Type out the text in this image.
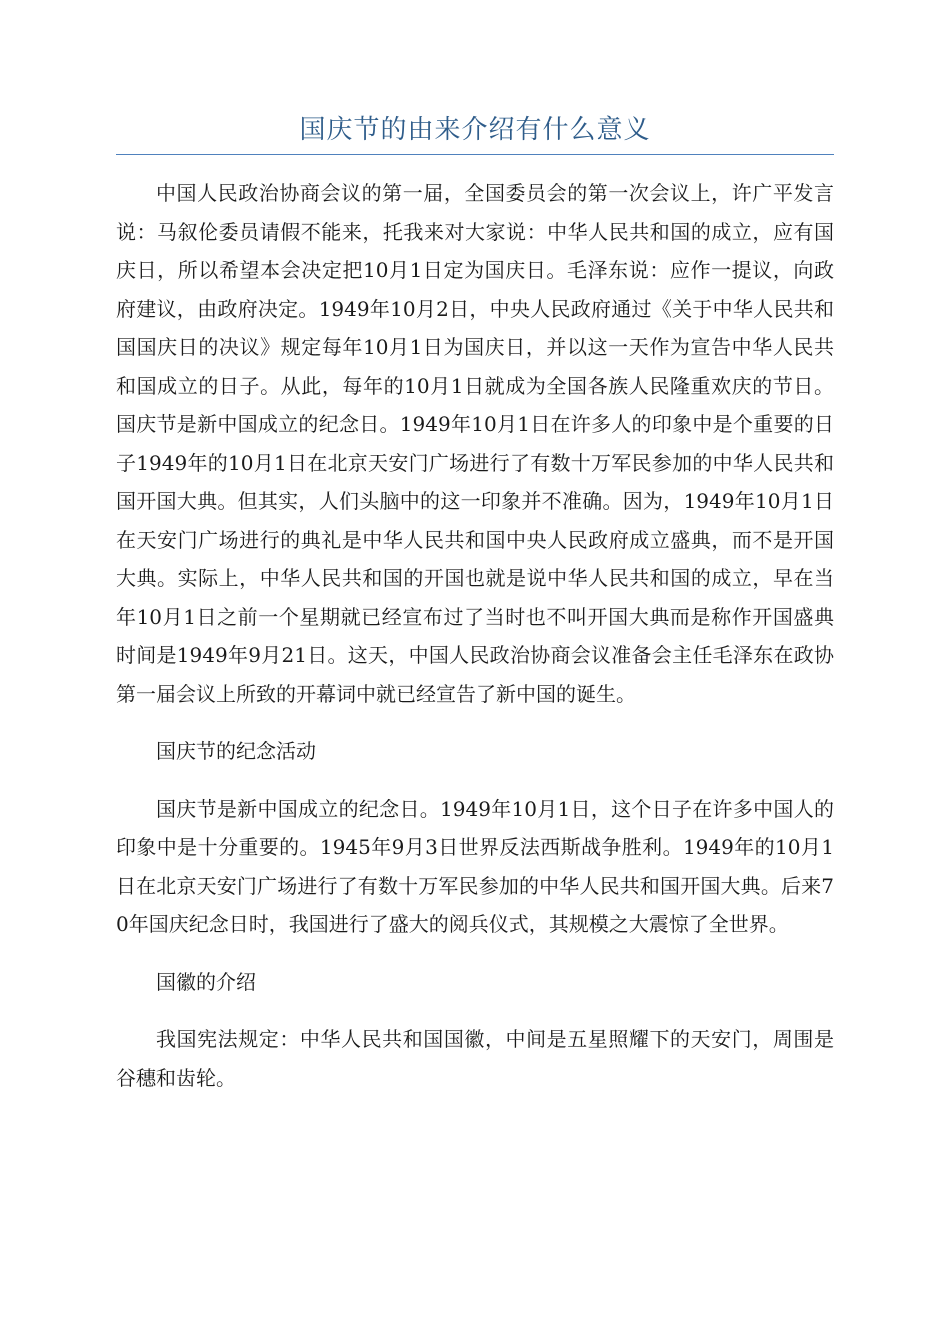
国庆节的由来介绍有什么意义

中国人民政治协商会议的第一届，全国委员会的第一次会议上，许广平发言说：马叙伦委员请假不能来，托我来对大家说：中华人民共和国的成立，应有国庆日，所以希望本会决定把10月1日定为国庆日。毛泽东说：应作一提议，向政府建议，由政府决定。1949年10月2日，中央人民政府通过《关于中华人民共和国国庆日的决议》规定每年10月1日为国庆日，并以这一天作为宣告中华人民共和国成立的日子。从此，每年的10月1日就成为全国各族人民隆重欢庆的节日。国庆节是新中国成立的纪念日。1949年10月1日在许多人的印象中是个重要的日子1949年的10月1日在北京天安门广场进行了有数十万军民参加的中华人民共和国开国大典。但其实，人们头脑中的这一印象并不准确。因为，1949年10月1日在天安门广场进行的典礼是中华人民共和国中央人民政府成立盛典，而不是开国大典。实际上，中华人民共和国的开国也就是说中华人民共和国的成立，早在当年10月1日之前一个星期就已经宣布过了当时也不叫开国大典而是称作开国盛典时间是1949年9月21日。这天，中国人民政治协商会议准备会主任毛泽东在政协第一届会议上所致的开幕词中就已经宣告了新中国的诞生。

国庆节的纪念活动

国庆节是新中国成立的纪念日。1949年10月1日，这个日子在许多中国人的印象中是十分重要的。1945年9月3日世界反法西斯战争胜利。1949年的10月1日在北京天安门广场进行了有数十万军民参加的中华人民共和国开国大典。后来70年国庆纪念日时，我国进行了盛大的阅兵仪式，其规模之大震惊了全世界。

国徽的介绍

我国宪法规定：中华人民共和国国徽，中间是五星照耀下的天安门，周围是谷穗和齿轮。
